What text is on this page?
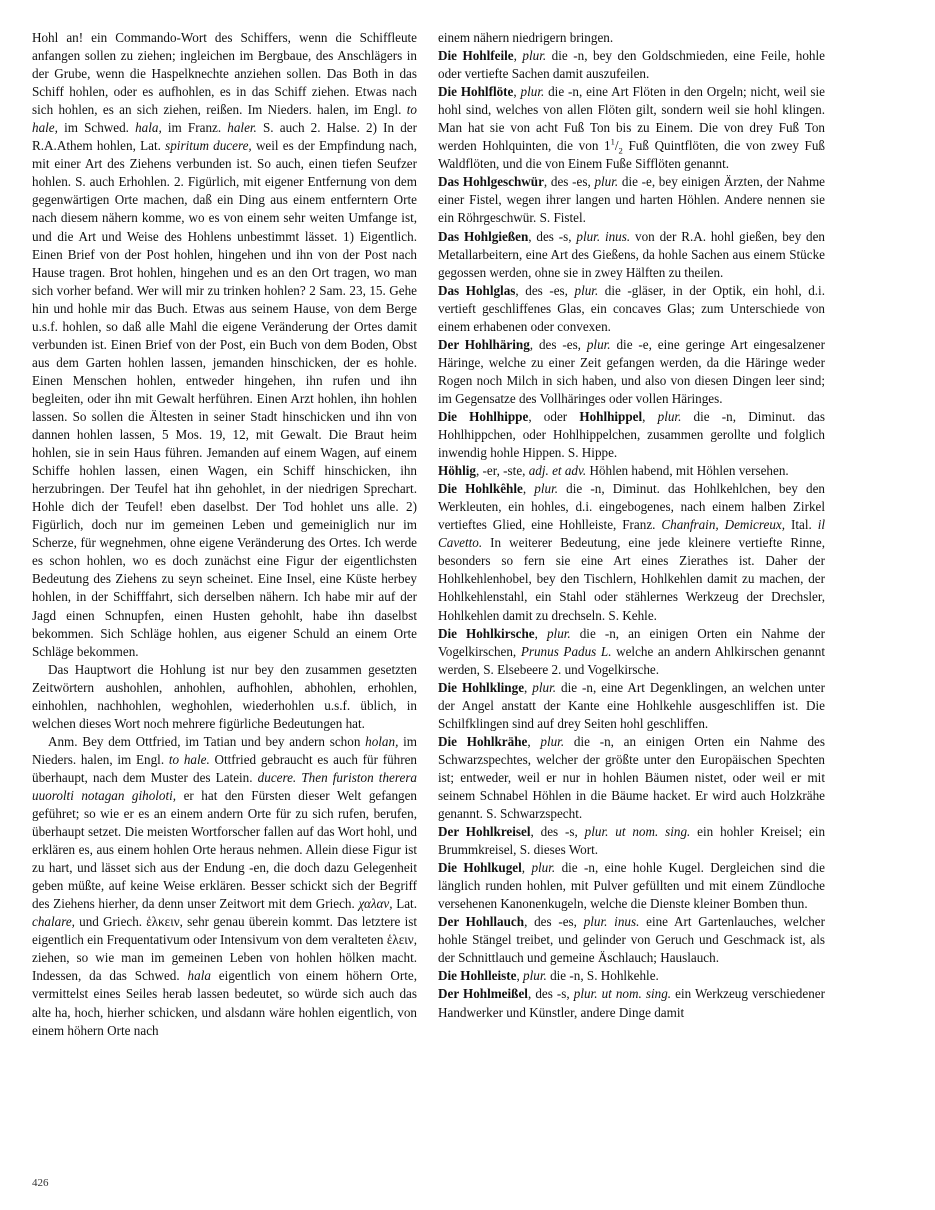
Hohl an! ein Commando-Wort des Schiffers, wenn die Schiffleute anfangen sollen zu ziehen; ingleichen im Bergbaue, des Anschlägers in der Grube, wenn die Haspelknechte anziehen sollen. Das Both in das Schiff hohlen, oder es aufhohlen, es in das Schiff ziehen. Etwas nach sich hohlen, es an sich ziehen, reißen. Im Nieders. halen, im Engl. to hale, im Schwed. hala, im Franz. haler. S. auch 2. Halse. 2) In der R.A.Athem hohlen, Lat. spiritum ducere, weil es der Empfindung nach, mit einer Art des Ziehens verbunden ist. So auch, einen tiefen Seufzer hohlen. S. auch Erhohlen. 2. Figürlich, mit eigener Entfernung von dem gegenwärtigen Orte machen, daß ein Ding aus einem entferntern Orte nach diesem nähern komme, wo es von einem sehr weiten Umfange ist, und die Art und Weise des Hohlens unbestimmt lässet. 1) Eigentlich. Einen Brief von der Post hohlen, hingehen und ihn von der Post nach Hause tragen. Brot hohlen, hingehen und es an den Ort tragen, wo man sich vorher befand. Wer will mir zu trinken hohlen? 2 Sam. 23, 15. Gehe hin und hohle mir das Buch. Etwas aus seinem Hause, von dem Berge u.s.f. hohlen, so daß alle Mahl die eigene Veränderung der Ortes damit verbunden ist. Einen Brief von der Post, ein Buch von dem Boden, Obst aus dem Garten hohlen lassen, jemanden hinschicken, der es hohle. Einen Menschen hohlen, entweder hingehen, ihn rufen und ihn begleiten, oder ihn mit Gewalt herführen. Einen Arzt hohlen, ihn hohlen lassen. So sollen die Ältesten in seiner Stadt hinschicken und ihn von dannen hohlen lassen, 5 Mos. 19, 12, mit Gewalt. Die Braut heim hohlen, sie in sein Haus führen. Jemanden auf einem Wagen, auf einem Schiffe hohlen lassen, einen Wagen, ein Schiff hinschicken, ihn herzubringen. Der Teufel hat ihn gehohlet, in der niedrigen Sprechart. Hohle dich der Teufel! eben daselbst. Der Tod hohlet uns alle. 2) Figürlich, doch nur im gemeinen Leben und gemeiniglich nur im Scherze, für wegnehmen, ohne eigene Veränderung des Ortes. Ich werde es schon hohlen, wo es doch zunächst eine Figur der eigentlichsten Bedeutung des Ziehens zu seyn scheinet. Eine Insel, eine Küste herbey hohlen, in der Schifffahrt, sich derselben nähern. Ich habe mir auf der Jagd einen Schnupfen, einen Husten gehohlt, habe ihn daselbst bekommen. Sich Schläge hohlen, aus eigener Schuld an einem Orte Schläge bekommen.

Das Hauptwort die Hohlung ist nur bey den zusammen gesetzten Zeitwörtern aushohlen, anhohlen, aufhohlen, abhohlen, erhohlen, einhohlen, nachhohlen, weghohlen, wiederhohlen u.s.f. üblich, in welchen dieses Wort noch mehrere figürliche Bedeutungen hat.

Anm. Bey dem Ottfried, im Tatian und bey andern schon holan, im Nieders. halen, im Engl. to hale. Ottfried gebraucht es auch für führen überhaupt, nach dem Muster des Latein. ducere. Then furiston therera uuorolti notagan giholoti, er hat den Fürsten dieser Welt gefangen geführet; so wie er es an einem andern Orte für zu sich rufen, berufen, überhaupt setzet. Die meisten Wortforscher fallen auf das Wort hohl, und erklären es, aus einem hohlen Orte heraus nehmen. Allein diese Figur ist zu hart, und lässet sich aus der Endung -en, die doch dazu Gelegenheit geben müßte, auf keine Weise erklären. Besser schickt sich der Begriff des Ziehens hierher, da denn unser Zeitwort mit dem Griech. χαλαν, Lat. chalare, und Griech. ἑλκειν, sehr genau überein kommt. Das letztere ist eigentlich ein Frequentativum oder Intensivum von dem veralteten ἑλειν, ziehen, so wie man im gemeinen Leben von hohlen hölken macht. Indessen, da das Schwed. hala eigentlich von einem höhern Orte, vermittelst eines Seiles herab lassen bedeutet, so würde sich auch das alte ha, hoch, hierher schicken, und alsdann wäre hohlen eigentlich, von einem höhern Orte nach

einem nähern niedrigern bringen.

Die Hohlfeile, plur. die -n, bey den Goldschmieden, eine Feile, hohle oder vertiefte Sachen damit auszufeilen.

Die Hohlflöte, plur. die -n, eine Art Flöten in den Orgeln; nicht, weil sie hohl sind, welches von allen Flöten gilt, sondern weil sie hohl klingen. Man hat sie von acht Fuß Ton bis zu Einem. Die von drey Fuß Ton werden Hohlquinten, die von $1^1/_2$ Fuß Quintflöten, die von zwey Fuß Waldflöten, und die von Einem Fuße Sifflöten genannt.

Das Hohlgeschwür, des -es, plur. die -e, bey einigen Ärzten, der Nahme einer Fistel, wegen ihrer langen und harten Höhlen. Andere nennen sie ein Röhrgeschwür. S. Fistel.

Das Hohlgießen, des -s, plur. inus. von der R.A. hohl gießen, bey den Metallarbeitern, eine Art des Gießens, da hohle Sachen aus einem Stücke gegossen werden, ohne sie in zwey Hälften zu theilen.

Das Hohlglas, des -es, plur. die -gläser, in der Optik, ein hohl, d.i. vertieft geschliffenes Glas, ein concaves Glas; zum Unterschiede von einem erhabenen oder convexen.

Der Hohlhäring, des -es, plur. die -e, eine geringe Art eingesalzener Häringe, welche zu einer Zeit gefangen werden, da die Häringe weder Rogen noch Milch in sich haben, und also von diesen Dingen leer sind; im Gegensatze des Vollhäringes oder vollen Häringes.

Die Hohlhippe, oder Hohlhippel, plur. die -n, Diminut. das Hohlhippchen, oder Hohlhippelchen, zusammen gerollte und folglich inwendig hohle Hippen. S. Hippe.

Höhlig, -er, -ste, adj. et adv. Höhlen habend, mit Höhlen versehen.

Die Hohlkêhle, plur. die -n, Diminut. das Hohlkehlchen, bey den Werkleuten, ein hohles, d.i. eingebogenes, nach einem halben Zirkel vertieftes Glied, eine Hohlleiste, Franz. Chanfrain, Demicreux, Ital. il Cavetto. In weiterer Bedeutung, eine jede kleinere vertiefte Rinne, besonders so fern sie eine Art eines Zierathes ist. Daher der Hohlkehlenhobel, bey den Tischlern, Hohlkehlen damit zu machen, der Hohlkehlenstahl, ein Stahl oder stählernes Werkzeug der Drechsler, Hohlkehlen damit zu drechseln. S. Kehle.

Die Hohlkirsche, plur. die -n, an einigen Orten ein Nahme der Vogelkirschen, Prunus Padus L. welche an andern Ahlkirschen genannt werden, S. Elsebeere 2. und Vogelkirsche.

Die Hohlklinge, plur. die -n, eine Art Degenklingen, an welchen unter der Angel anstatt der Kante eine Hohlkehle ausgeschliffen ist. Die Schilfklingen sind auf drey Seiten hohl geschliffen.

Die Hohlkrähe, plur. die -n, an einigen Orten ein Nahme des Schwarzspechtes, welcher der größte unter den Europäischen Spechten ist; entweder, weil er nur in hohlen Bäumen nistet, oder weil er mit seinem Schnabel Höhlen in die Bäume hacket. Er wird auch Holzkrähe genannt. S. Schwarzspecht.

Der Hohlkreisel, des -s, plur. ut nom. sing. ein hohler Kreisel; ein Brummkreisel, S. dieses Wort.

Die Hohlkugel, plur. die -n, eine hohle Kugel. Dergleichen sind die länglich runden hohlen, mit Pulver gefüllten und mit einem Zündloche versehenen Kanonenkugeln, welche die Dienste kleiner Bomben thun.

Der Hohllauch, des -es, plur. inus. eine Art Gartenlauches, welcher hohle Stängel treibet, und gelinder von Geruch und Geschmack ist, als der Schnittlauch und gemeine Äschlauch; Hauslauch.

Die Hohlleiste, plur. die -n, S. Hohlkehle.

Der Hohlmeißel, des -s, plur. ut nom. sing. ein Werkzeug verschiedener Handwerker und Künstler, andere Dinge damit

426
